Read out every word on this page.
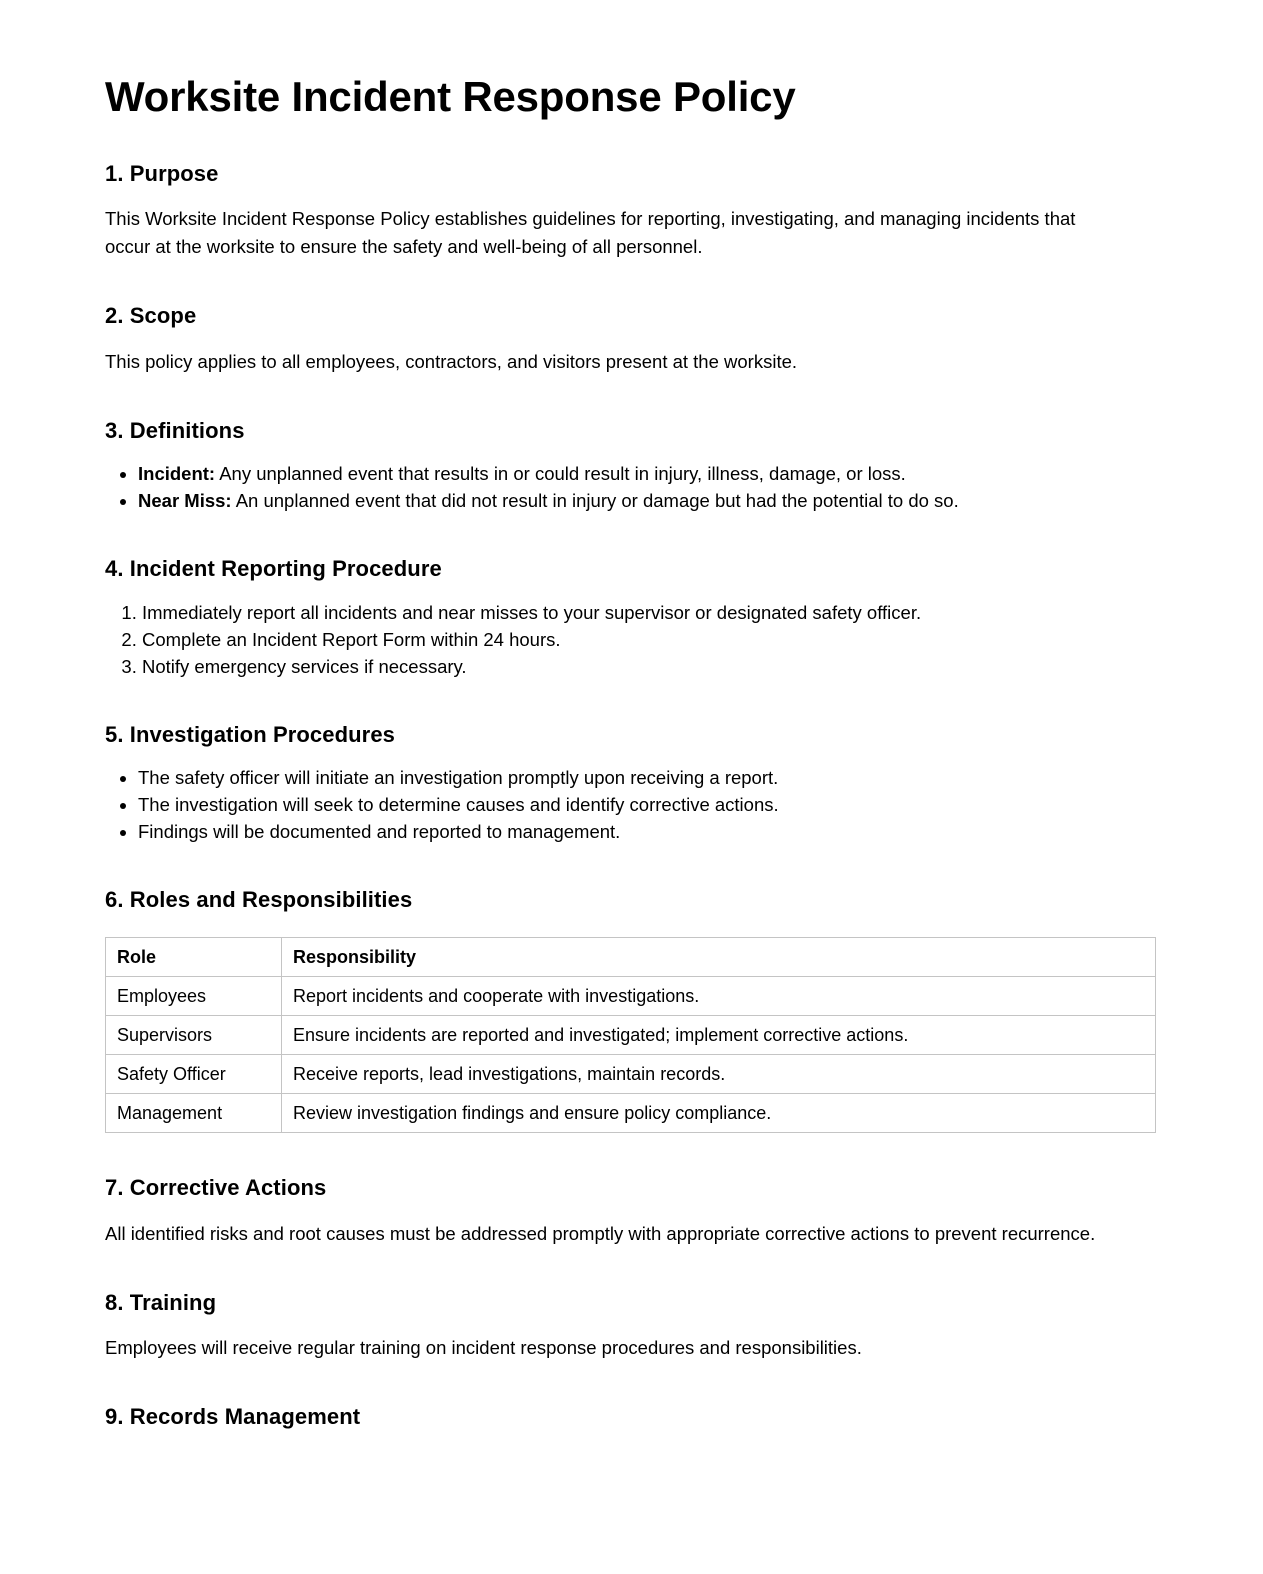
Worksite Incident Response Policy
1. Purpose

This Worksite Incident Response Policy establishes guidelines for reporting, investigating, and managing incidents that occur at the worksite to ensure the safety and well-being of all personnel.

2. Scope

This policy applies to all employees, contractors, and visitors present at the worksite.

3. Definitions
• Incident: Any unplanned event that results in or could result in injury, illness, damage, or loss.
• Near Miss: An unplanned event that did not result in injury or damage but had the potential to do so.
4. Incident Reporting Procedure
1. Immediately report all incidents and near misses to your supervisor or designated safety officer.
2. Complete an Incident Report Form within 24 hours.
3. Notify emergency services if necessary.
5. Investigation Procedures
• The safety officer will initiate an investigation promptly upon receiving a report.
• The investigation will seek to determine causes and identify corrective actions.
• Findings will be documented and reported to management.
6. Roles and Responsibilities
Role	Responsibility
Employees	Report incidents and cooperate with investigations.
Supervisors	Ensure incidents are reported and investigated; implement corrective actions.
Safety Officer	Receive reports, lead investigations, maintain records.
Management	Review investigation findings and ensure policy compliance.
7. Corrective Actions

All identified risks and root causes must be addressed promptly with appropriate corrective actions to prevent recurrence.

8. Training

Employees will receive regular training on incident response procedures and responsibilities.

9. Records Management
